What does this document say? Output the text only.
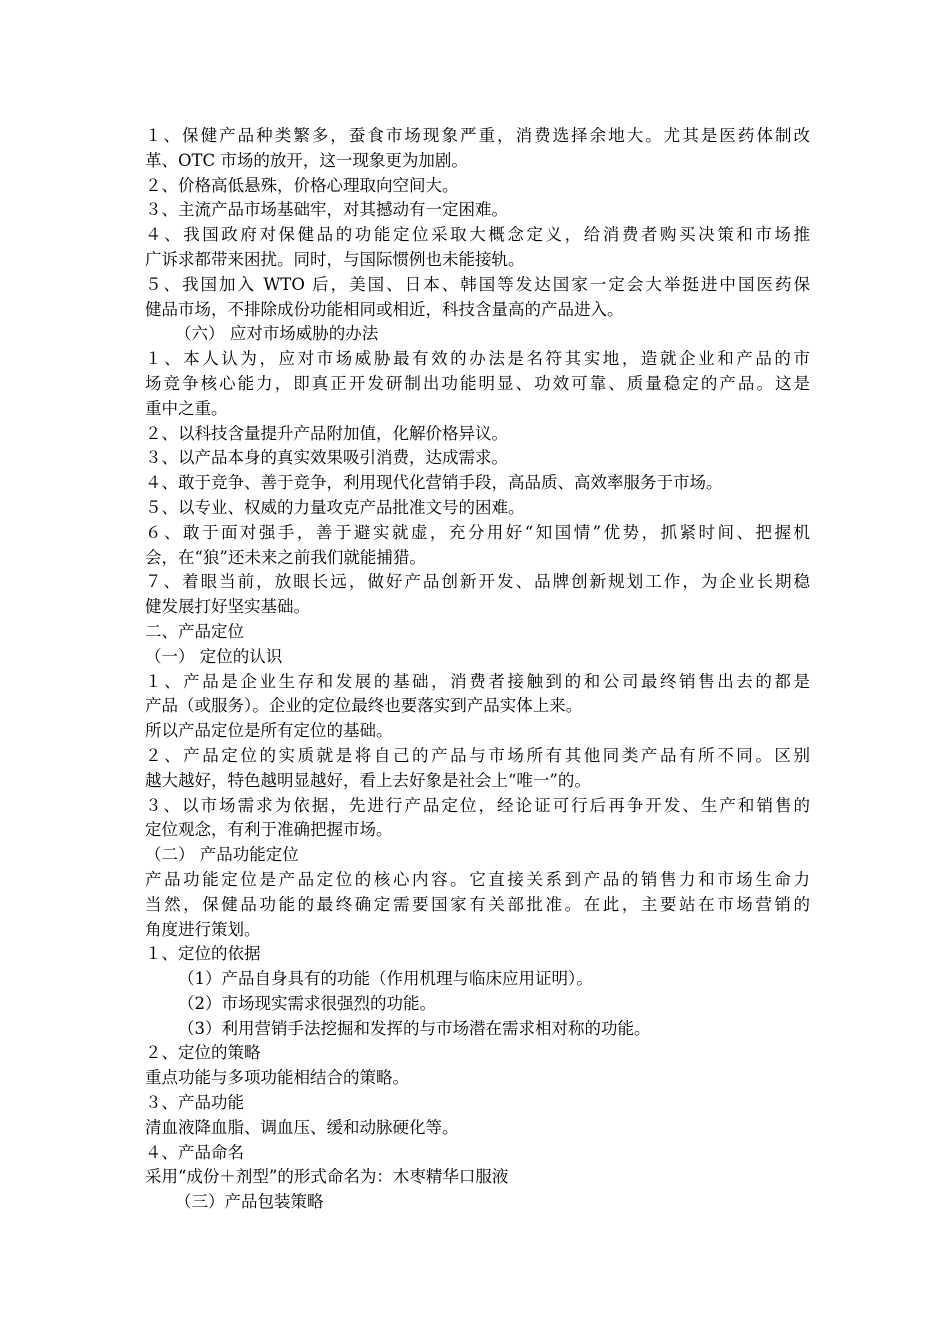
１、保健产品种类繁多，蚕食市场现象严重，消费选择余地大。尤其是医药体制改
革、OTC 市场的放开，这一现象更为加剧。
２、价格高低悬殊，价格心理取向空间大。
３、主流产品市场基础牢，对其撼动有一定困难。
４、我国政府对保健品的功能定位采取大概念定义，给消费者购买决策和市场推
广诉求都带来困扰。同时，与国际惯例也未能接轨。
５、我国加入 WTO 后，美国、日本、韩国等发达国家一定会大举挺进中国医药保
健品市场，不排除成份功能相同或相近，科技含量高的产品进入。
（六） 应对市场威胁的办法
１、本人认为，应对市场威胁最有效的办法是名符其实地，造就企业和产品的市
场竞争核心能力，即真正开发研制出功能明显、功效可靠、质量稳定的产品。这是
重中之重。
２、以科技含量提升产品附加值，化解价格异议。
３、以产品本身的真实效果吸引消费，达成需求。
４、敢于竞争、善于竞争，利用现代化营销手段，高品质、高效率服务于市场。
５、以专业、权威的力量攻克产品批准文号的困难。
６、敢于面对强手，善于避实就虚，充分用好“知国情”优势，抓紧时间、把握机
会，在“狼”还未来之前我们就能捕猎。
７、着眼当前，放眼长远，做好产品创新开发、品牌创新规划工作，为企业长期稳
健发展打好坚实基础。
二、产品定位
（一） 定位的认识
１、产品是企业生存和发展的基础，消费者接触到的和公司最终销售出去的都是
产品（或服务）。企业的定位最终也要落实到产品实体上来。
所以产品定位是所有定位的基础。
２、产品定位的实质就是将自己的产品与市场所有其他同类产品有所不同。区别
越大越好，特色越明显越好，看上去好象是社会上“唯一”的。
３、以市场需求为依据，先进行产品定位，经论证可行后再争开发、生产和销售的
定位观念，有利于准确把握市场。
（二） 产品功能定位
产品功能定位是产品定位的核心内容。它直接关系到产品的销售力和市场生命力
当然，保健品功能的最终确定需要国家有关部批准。在此，主要站在市场营销的
角度进行策划。
１、定位的依据
（1）产品自身具有的功能（作用机理与临床应用证明）。
（2）市场现实需求很强烈的功能。
（3）利用营销手法挖掘和发挥的与市场潜在需求相对称的功能。
２、定位的策略
重点功能与多项功能相结合的策略。
３、产品功能
清血液降血脂、调血压、缓和动脉硬化等。
４、产品命名
采用“成份＋剂型”的形式命名为：木枣精华口服液
（三）产品包装策略
